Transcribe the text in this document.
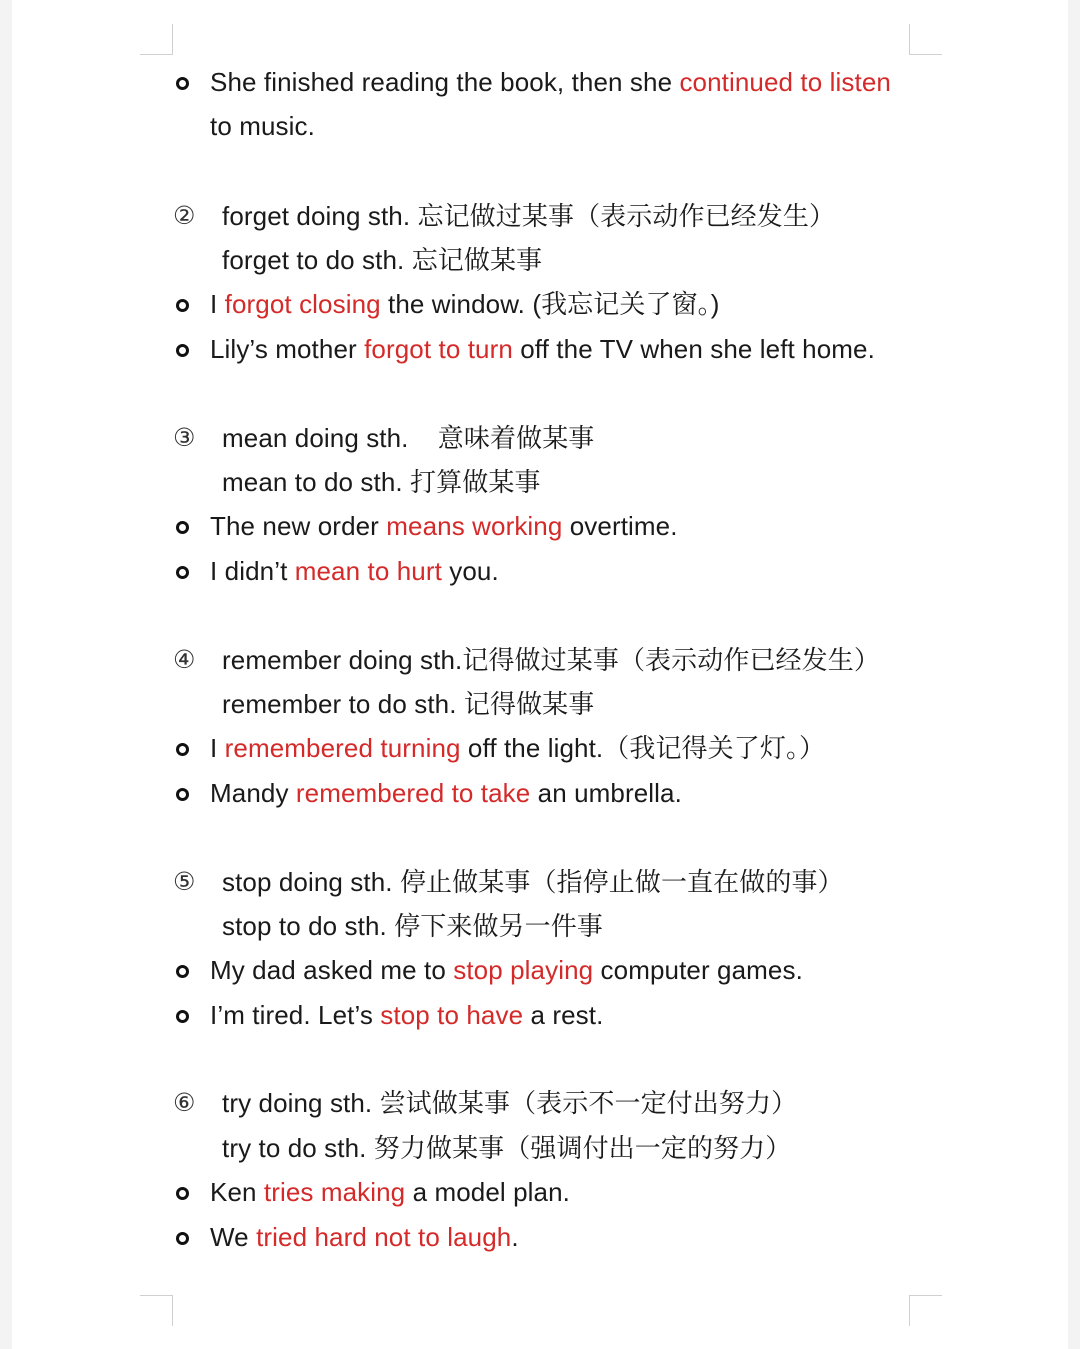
She finished reading the book, then she continued to listen
to music.
② forget doing sth. 忘记做过某事（表示动作已经发生）
forget to do sth. 忘记做某事
I forgot closing the window. (我忘记关了窗。)
Lily’s mother forgot to turn off the TV when she left home.
③ mean doing sth.    意味着做某事
mean to do sth. 打算做某事
The new order means working overtime.
I didn’t mean to hurt you.
④ remember doing sth.记得做过某事（表示动作已经发生）
remember to do sth. 记得做某事
I remembered turning off the light.（我记得关了灯。）
Mandy remembered to take an umbrella.
⑤ stop doing sth. 停止做某事（指停止做一直在做的事）
stop to do sth. 停下来做另一件事
My dad asked me to stop playing computer games.
I’m tired. Let’s stop to have a rest.
⑥ try doing sth. 尝试做某事（表示不一定付出努力）
try to do sth. 努力做某事（强调付出一定的努力）
Ken tries making a model plan.
We tried hard not to laugh.
